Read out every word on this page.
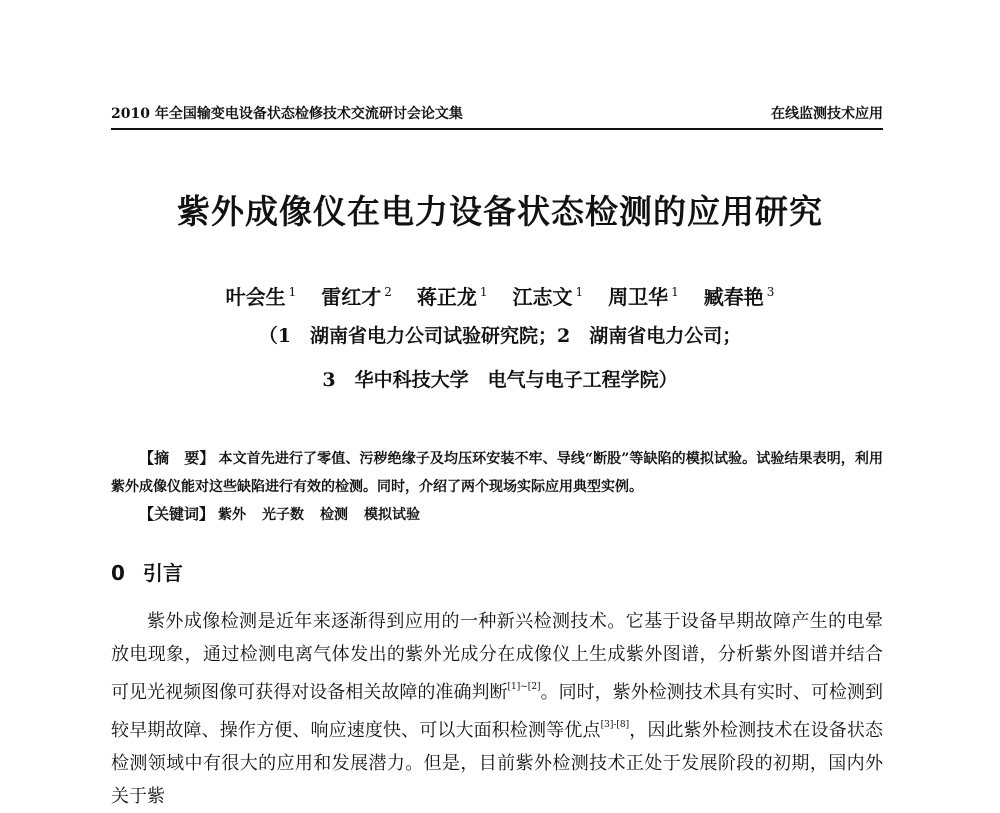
2010 年全国输变电设备状态检修技术交流研讨会论文集	在线监测技术应用
紫外成像仪在电力设备状态检测的应用研究
叶会生 $^1$ 雷红才 $^2$ 蒋正龙 $^1$ 江志文 $^1$ 周卫华 $^1$ 臧春艳 $^3$
（1　湖南省电力公司试验研究院；2　湖南省电力公司；
3　华中科技大学　电气与电子工程学院）
【摘　要】 本文首先进行了零值、污秽绝缘子及均压环安装不牢、导线“断股”等缺陷的模拟试验。试验结果表明，利用紫外成像仪能对这些缺陷进行有效的检测。同时，介绍了两个现场实际应用典型实例。
【关键词】 紫外 光子数 检测 模拟试验
0 引言
紫外成像检测是近年来逐渐得到应用的一种新兴检测技术。它基于设备早期故障产生的电晕放电现象，通过检测电离气体发出的紫外光成分在成像仪上生成紫外图谱，分析紫外图谱并结合可见光视频图像可获得对设备相关故障的准确判断[1]~[2]。同时，紫外检测技术具有实时、可检测到较早期故障、操作方便、响应速度快、可以大面积检测等优点[3]-[8]，因此紫外检测技术在设备状态检测领域中有很大的应用和发展潜力。但是，目前紫外检测技术正处于发展阶段的初期，国内外关于紫
